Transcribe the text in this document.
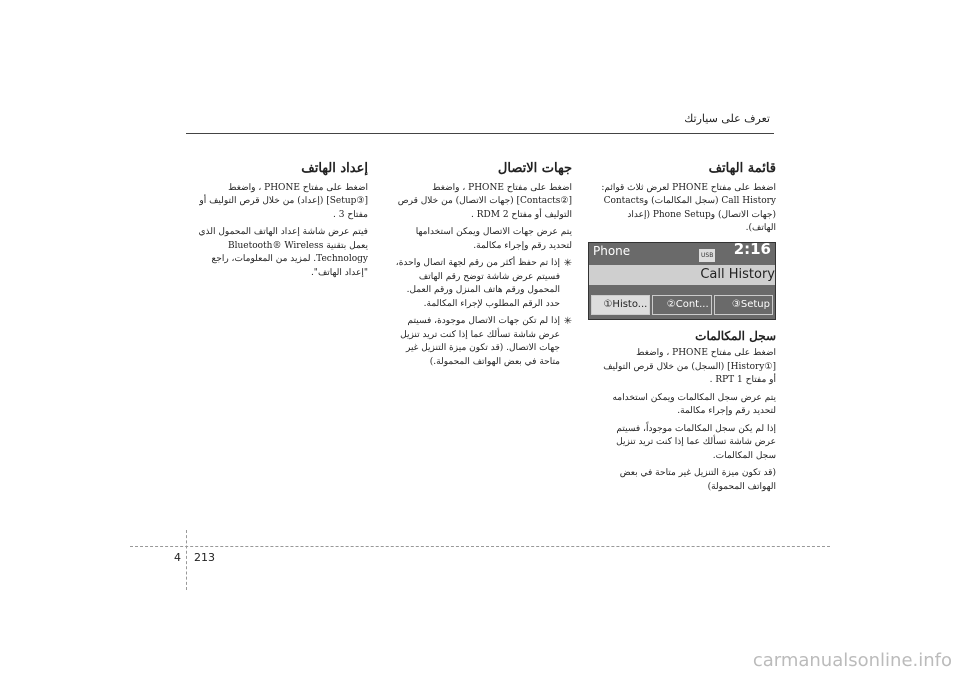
تعرف على سيارتك
قائمة الهاتف

اضغط على مفتاح PHONE لعرض ثلاث قوائم: Call History (سجل المكالمات) وContacts (جهات الاتصال) وPhone Setup (إعداد الهاتف).

Phone	USB 2:16
Call History
①Histo...	②Cont...	③Setup
سجل المكالمات

اضغط على مفتاح PHONE ، واضغط [①History] (السجل) من خلال قرص التوليف أو مفتاح 1 RPT .

يتم عرض سجل المكالمات ويمكن استخدامه لتحديد رقم وإجراء مكالمة.

إذا لم يكن سجل المكالمات موجوداً، فسيتم عرض شاشة تسألك عما إذا كنت تريد تنزيل سجل المكالمات.

(قد تكون ميزة التنزيل غير متاحة في بعض الهواتف المحمولة)

جهات الاتصال

اضغط على مفتاح PHONE ، واضغط [②Contacts] (جهات الاتصال) من خلال قرص التوليف أو مفتاح 2 RDM .

يتم عرض جهات الاتصال ويمكن استخدامها لتحديد رقم وإجراء مكالمة.

✳
إذا تم حفظ أكثر من رقم لجهة اتصال واحدة، فسيتم عرض شاشة توضح رقم الهاتف المحمول ورقم هاتف المنزل ورقم العمل. حدد الرقم المطلوب لإجراء المكالمة.

✳
إذا لم تكن جهات الاتصال موجودة، فسيتم عرض شاشة تسألك عما إذا كنت تريد تنزيل جهات الاتصال. (قد تكون ميزة التنزيل غير متاحة في بعض الهواتف المحمولة.)

إعداد الهاتف

اضغط على مفتاح PHONE ، واضغط [③Setup] (إعداد) من خلال قرص التوليف أو مفتاح 3 .

فيتم عرض شاشة إعداد الهاتف المحمول الذي يعمل بتقنية Bluetooth® Wireless Technology. لمزيد من المعلومات، راجع "إعداد الهاتف".

4 213
carmanualsonline.info
